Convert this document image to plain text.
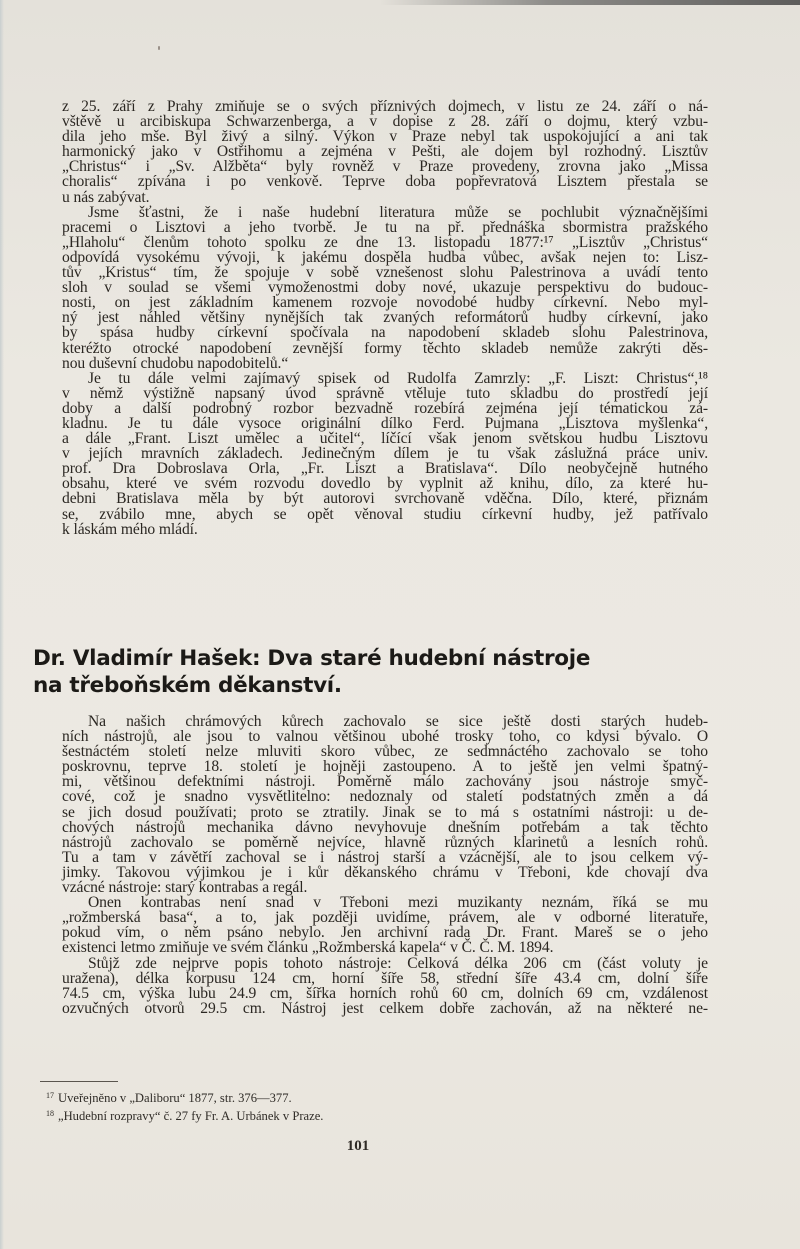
z 25. září z Prahy zmiňuje se o svých příznivých dojmech, v listu ze 24. září o ná-
vštěvě u arcibiskupa Schwarzenberga, a v dopise z 28. září o dojmu, který vzbu-
dila jeho mše. Byl živý a silný. Výkon v Praze nebyl tak uspokojující a ani tak
harmonický jako v Ostřihomu a zejména v Pešti, ale dojem byl rozhodný. Lisztův
„Christus“ i „Sv. Alžběta“ byly rovněž v Praze provedeny, zrovna jako „Missa
choralis“ zpívána i po venkově. Teprve doba popřevratová Lisztem přestala se
u nás zabývat.
Jsme šťastni, že i naše hudební literatura může se pochlubit význačnějšími
pracemi o Lisztovi a jeho tvorbě. Je tu na př. přednáška sbormistra pražského
„Hlaholu“ členům tohoto spolku ze dne 13. listopadu 1877:¹⁷ „Lisztův „Christus“
odpovídá vysokému vývoji, k jakému dospěla hudba vůbec, avšak nejen to: Lisz-
tův „Kristus“ tím, že spojuje v sobě vznešenost slohu Palestrinova a uvádí tento
sloh v soulad se všemi vymoženostmi doby nové, ukazuje perspektivu do budouc-
nosti, on jest základním kamenem rozvoje novodobé hudby církevní. Nebo myl-
ný jest náhled většiny nynějších tak zvaných reformátorů hudby církevní, jako
by spása hudby církevní spočívala na napodobení skladeb slohu Palestrinova,
kteréžto otrocké napodobení zevnější formy těchto skladeb nemůže zakrýti děs-
nou duševní chudobu napodobitelů.“
Je tu dále velmi zajímavý spisek od Rudolfa Zamrzly: „F. Liszt: Christus“,¹⁸
v němž výstižně napsaný úvod správně vtěluje tuto skladbu do prostředí její
doby a další podrobný rozbor bezvadně rozebírá zejména její tématickou zá-
kladnu. Je tu dále vysoce originální dílko Ferd. Pujmana „Lisztova myšlenka“,
a dále „Frant. Liszt umělec a učitel“, líčící však jenom světskou hudbu Lisztovu
v jejích mravních základech. Jedinečným dílem je tu však záslužná práce univ.
prof. Dra Dobroslava Orla, „Fr. Liszt a Bratislava“. Dílo neobyčejně hutného
obsahu, které ve svém rozvodu dovedlo by vyplnit až knihu, dílo, za které hu-
debni Bratislava měla by být autorovi svrchovaně vděčna. Dílo, které, přiznám
se, zvábilo mne, abych se opět věnoval studiu církevní hudby, jež patřívalo
k láskám mého mládí.
Dr. Vladimír Hašek: Dva staré hudební nástroje
na třeboňském děkanství.
Na našich chrámových kůrech zachovalo se sice ještě dosti starých hudeb-
ních nástrojů, ale jsou to valnou většinou ubohé trosky toho, co kdysi bývalo. O
šestnáctém století nelze mluviti skoro vůbec, ze sedmnáctého zachovalo se toho
poskrovnu, teprve 18. století je hojněji zastoupeno. A to ještě jen velmi špatný-
mi, většinou defektními nástroji. Poměrně málo zachovány jsou nástroje smyč-
cové, což je snadno vysvětlitelno: nedoznaly od staletí podstatných změn a dá
se jich dosud používati; proto se ztratily. Jinak se to má s ostatními nástroji: u de-
chových nástrojů mechanika dávno nevyhovuje dnešním potřebám a tak těchto
nástrojů zachovalo se poměrně nejvíce, hlavně různých klarinetů a lesních rohů.
Tu a tam v závětří zachoval se i nástroj starší a vzácnější, ale to jsou celkem vý-
jimky. Takovou výjimkou je i kůr děkanského chrámu v Třeboni, kde chovají dva
vzácné nástroje: starý kontrabas a regál.
Onen kontrabas není snad v Třeboni mezi muzikanty neznám, říká se mu
„rožmberská basa“, a to, jak později uvidíme, právem, ale v odborné literatuře,
pokud vím, o něm psáno nebylo. Jen archivní rada Dr. Frant. Mareš se o jeho
existenci letmo zmiňuje ve svém článku „Rožmberská kapela“ v Č. Č. M. 1894.
Stůjž zde nejprve popis tohoto nástroje: Celková délka 206 cm (část voluty je
uražena), délka korpusu 124 cm, horní šíře 58, střední šíře 43.4 cm, dolní šíře
74.5 cm, výška lubu 24.9 cm, šířka horních rohů 60 cm, dolních 69 cm, vzdálenost
ozvučných otvorů 29.5 cm. Nástroj jest celkem dobře zachován, až na některé ne-
$^{17}$ Uveřejněno v „Daliboru“ 1877, str. 376—377.
$^{18}$ „Hudební rozpravy“ č. 27 fy Fr. A. Urbánek v Praze.
101
